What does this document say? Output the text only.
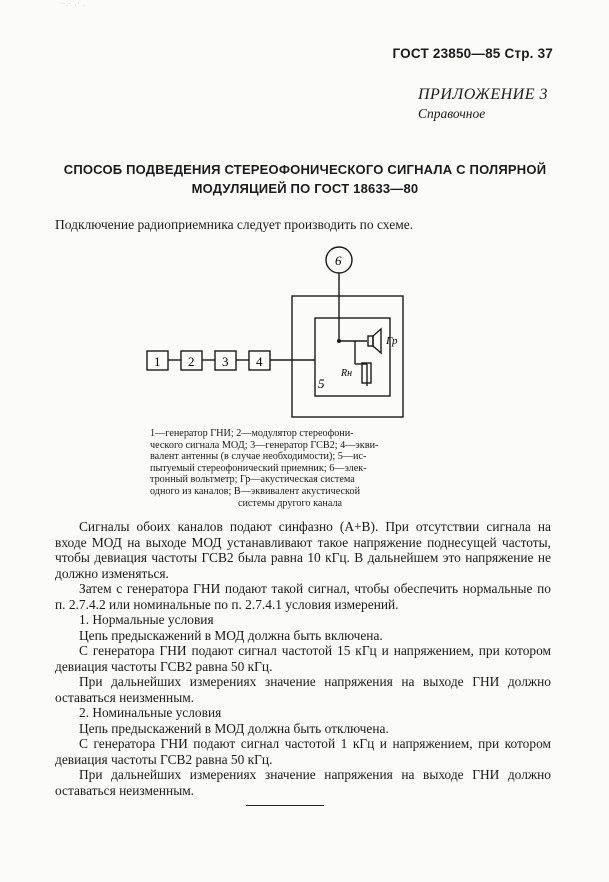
˙˙·˙ ·˙ ·
ГОСТ 23850—85 Стр. 37
ПРИЛОЖЕНИЕ 3
Справочное
СПОСОБ ПОДВЕДЕНИЯ СТЕРЕОФОНИЧЕСКОГО СИГНАЛА С ПОЛЯРНОЙ
МОДУЛЯЦИЕЙ ПО ГОСТ 18633—80
Подключение радиоприемника следует производить по схеме.
6
1 2 3 4
5
Гр
Rн
1—генератор ГНИ; 2—модулятор стереофони-
ческого сигнала МОД; 3—генератор ГСВ2; 4—экви-
валент антенны (в случае необходимости); 5—ис-
пытуемый стереофонический приемник; 6—элек-
тронный вольтметр; Гр—акустическая система
одного из каналов; В—эквивалент акустической
системы другого канала

Сигналы обоих каналов подают синфазно (A+B). При отсутствии сигнала на входе МОД на выходе МОД устанавливают такое напряжение поднесущей частоты, чтобы девиация частоты ГСВ2 была равна 10 кГц. В дальнейшем это напряжение не должно изменяться.

Затем с генератора ГНИ подают такой сигнал, чтобы обеспечить нормальные по п. 2.7.4.2 или номинальные по п. 2.7.4.1 условия измерений.

1. Нормальные условия

Цепь предыскажений в МОД должна быть включена.

С генератора ГНИ подают сигнал частотой 15 кГц и напряжением, при котором девиация частоты ГСВ2 равна 50 кГц.

При дальнейших измерениях значение напряжения на выходе ГНИ должно оставаться неизменным.

2. Номинальные условия

Цепь предыскажений в МОД должна быть отключена.

С генератора ГНИ подают сигнал частотой 1 кГц и напряжением, при котором девиация частоты ГСВ2 равна 50 кГц.

При дальнейших измерениях значение напряжения на выходе ГНИ должно оставаться неизменным.
